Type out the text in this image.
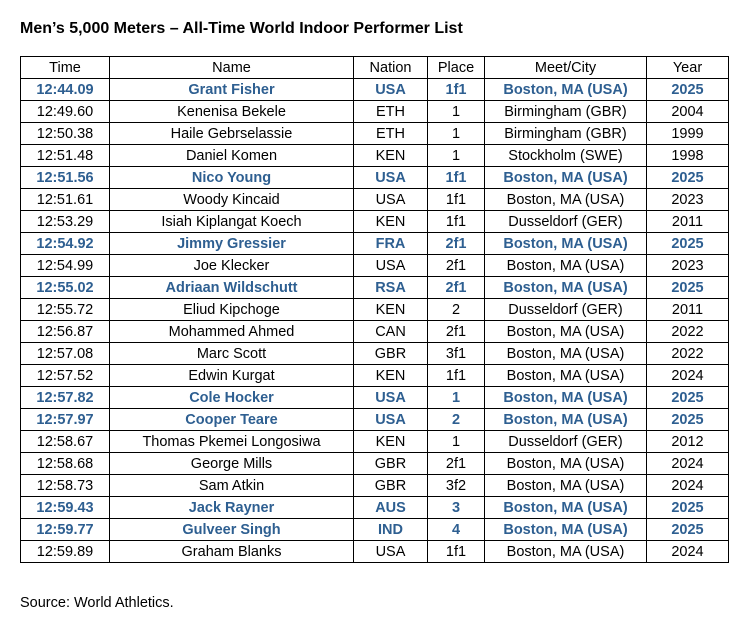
Men’s 5,000 Meters – All-Time World Indoor Performer List
Time	Name	Nation	Place	Meet/City	Year
12:44.09	Grant Fisher	USA	1f1	Boston, MA (USA)	2025
12:49.60	Kenenisa Bekele	ETH	1	Birmingham (GBR)	2004
12:50.38	Haile Gebrselassie	ETH	1	Birmingham (GBR)	1999
12:51.48	Daniel Komen	KEN	1	Stockholm (SWE)	1998
12:51.56	Nico Young	USA	1f1	Boston, MA (USA)	2025
12:51.61	Woody Kincaid	USA	1f1	Boston, MA (USA)	2023
12:53.29	Isiah Kiplangat Koech	KEN	1f1	Dusseldorf (GER)	2011
12:54.92	Jimmy Gressier	FRA	2f1	Boston, MA (USA)	2025
12:54.99	Joe Klecker	USA	2f1	Boston, MA (USA)	2023
12:55.02	Adriaan Wildschutt	RSA	2f1	Boston, MA (USA)	2025
12:55.72	Eliud Kipchoge	KEN	2	Dusseldorf (GER)	2011
12:56.87	Mohammed Ahmed	CAN	2f1	Boston, MA (USA)	2022
12:57.08	Marc Scott	GBR	3f1	Boston, MA (USA)	2022
12:57.52	Edwin Kurgat	KEN	1f1	Boston, MA (USA)	2024
12:57.82	Cole Hocker	USA	1	Boston, MA (USA)	2025
12:57.97	Cooper Teare	USA	2	Boston, MA (USA)	2025
12:58.67	Thomas Pkemei Longosiwa	KEN	1	Dusseldorf (GER)	2012
12:58.68	George Mills	GBR	2f1	Boston, MA (USA)	2024
12:58.73	Sam Atkin	GBR	3f2	Boston, MA (USA)	2024
12:59.43	Jack Rayner	AUS	3	Boston, MA (USA)	2025
12:59.77	Gulveer Singh	IND	4	Boston, MA (USA)	2025
12:59.89	Graham Blanks	USA	1f1	Boston, MA (USA)	2024
Source: World Athletics.
